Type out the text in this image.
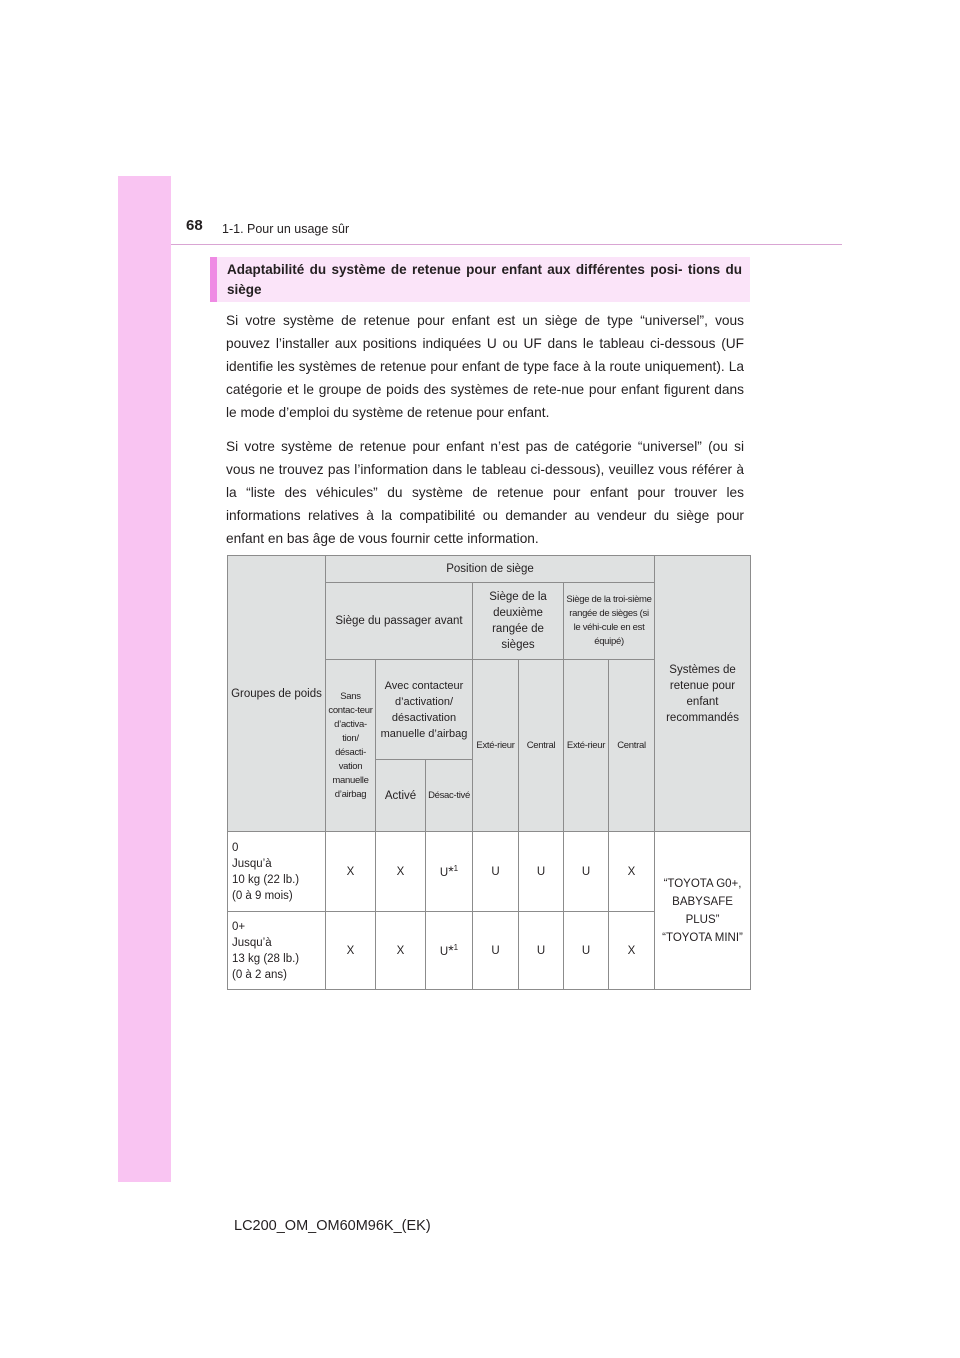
68 1-1. Pour un usage sûr
Adaptabilité du système de retenue pour enfant aux différentes posi- tions du siège

Si votre système de retenue pour enfant est un siège de type “universel”, vous pouvez l’installer aux positions indiquées U ou UF dans le tableau ci-dessous (UF identifie les systèmes de retenue pour enfant de type face à la route uniquement). La catégorie et le groupe de poids des systèmes de rete-nue pour enfant figurent dans le mode d’emploi du système de retenue pour enfant.

Si votre système de retenue pour enfant n’est pas de catégorie “universel” (ou si vous ne trouvez pas l’information dans le tableau ci-dessous), veuillez vous référer à la “liste des véhicules” du système de retenue pour enfant pour trouver les informations relatives à la compatibilité ou demander au vendeur du siège pour enfant en bas âge de vous fournir cette information.

Groupes de poids	Position de siège							Systèmes de retenue pour enfant recommandés
	Siège du passager avant			Siège de la deuxième rangée de sièges		Siège de la troi-sième rangée de sièges (si le véhi-cule en est équipé)		
	Sans contac-teur d’activa-tion/ désacti-vation manuelle d’airbag	Avec contacteur d’activation/ désactivation manuelle d’airbag		Exté-rieur	Central	Exté-rieur	Central	
		Activé	Désac-tivé					
0
Jusqu’à
10 kg (22 lb.)
(0 à 9 mois)	X	X	U*$^1$	U	U	U	X	“TOYOTA G0+, BABYSAFE PLUS”
“TOYOTA MINI”
0+
Jusqu’à
13 kg (28 lb.)
(0 à 2 ans)	X	X	U*$^1$	U	U	U	X	
LC200_OM_OM60M96K_(EK)
